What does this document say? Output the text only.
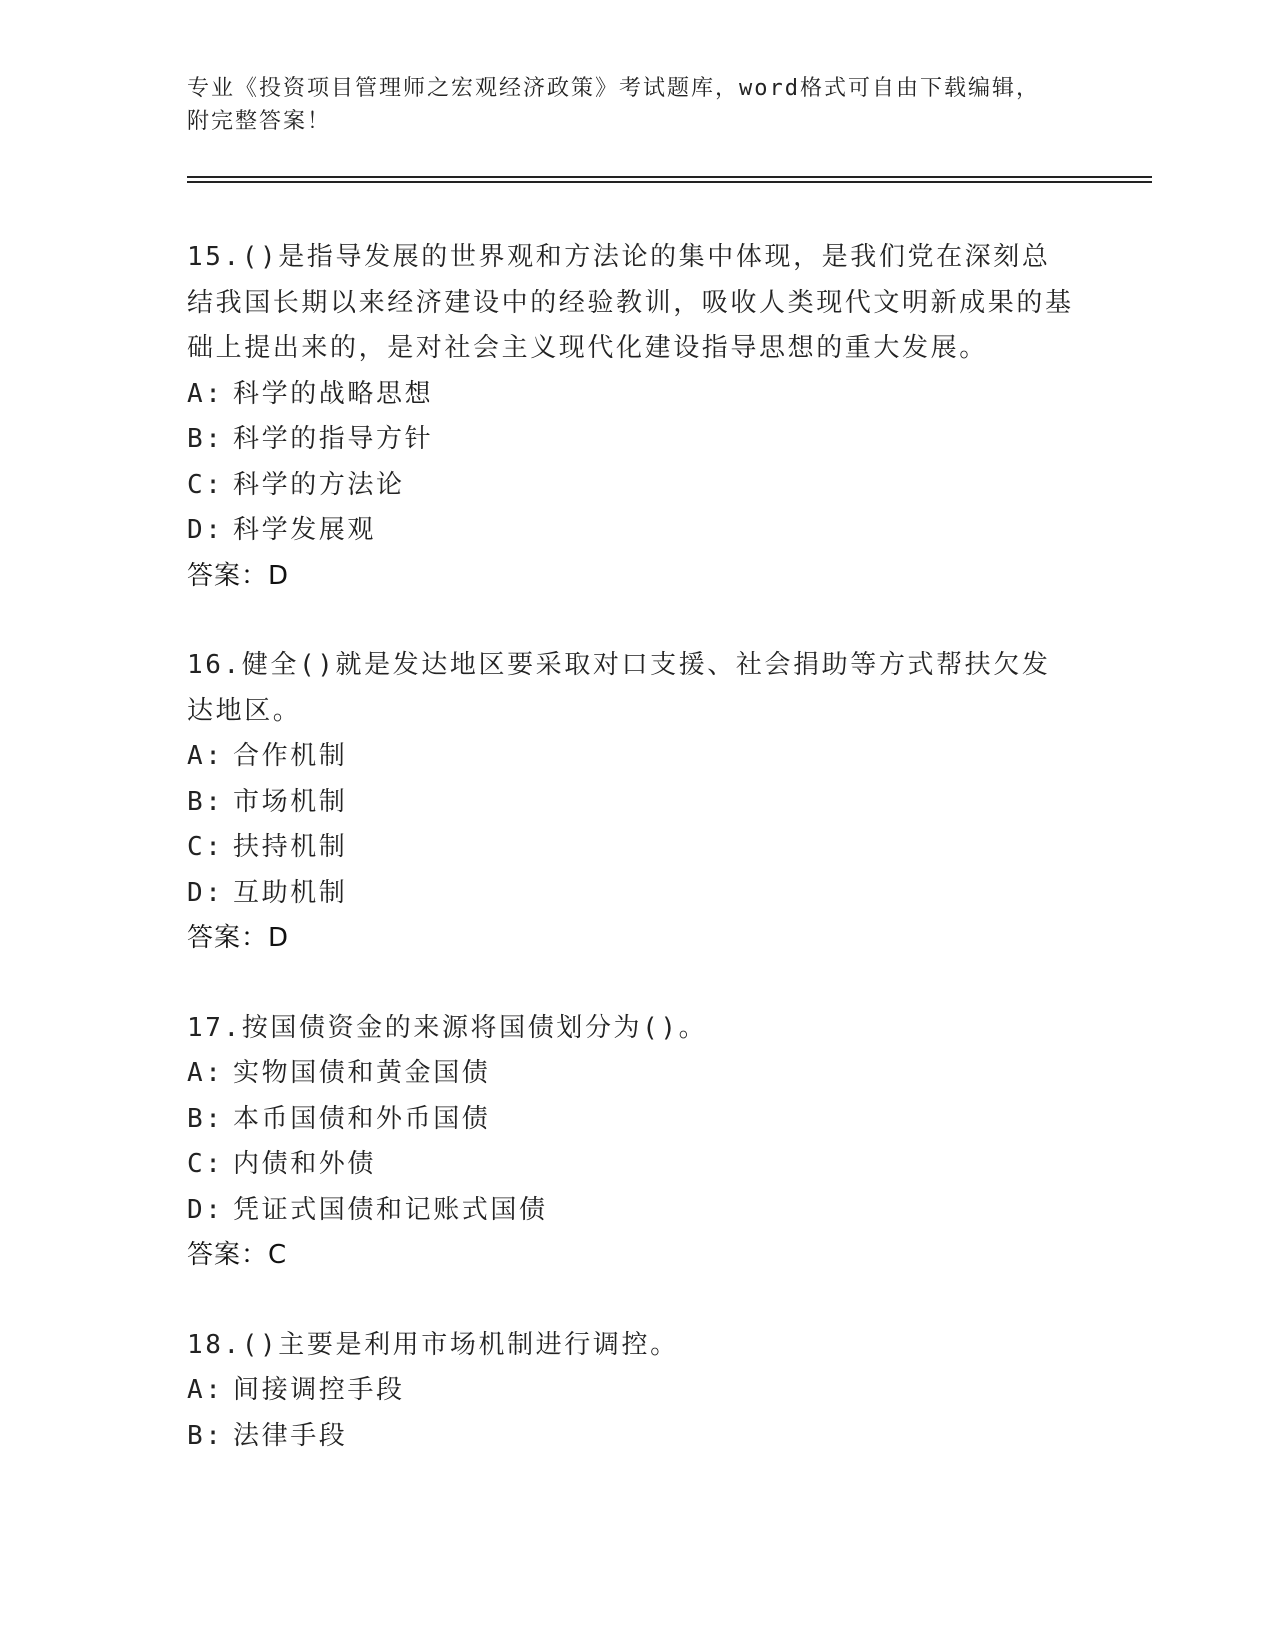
专业《投资项目管理师之宏观经济政策》考试题库，word格式可自由下载编辑，
附完整答案！
15.()是指导发展的世界观和方法论的集中体现，是我们党在深刻总结我国长期以来经济建设中的经验教训，吸收人类现代文明新成果的基础上提出来的，是对社会主义现代化建设指导思想的重大发展。
A: 科学的战略思想
B: 科学的指导方针
C: 科学的方法论
D: 科学发展观
答案：D
16.健全()就是发达地区要采取对口支援、社会捐助等方式帮扶欠发达地区。
A: 合作机制
B: 市场机制
C: 扶持机制
D: 互助机制
答案：D
17.按国债资金的来源将国债划分为()。
A: 实物国债和黄金国债
B: 本币国债和外币国债
C: 内债和外债
D: 凭证式国债和记账式国债
答案：C
18.()主要是利用市场机制进行调控。
A: 间接调控手段
B: 法律手段
